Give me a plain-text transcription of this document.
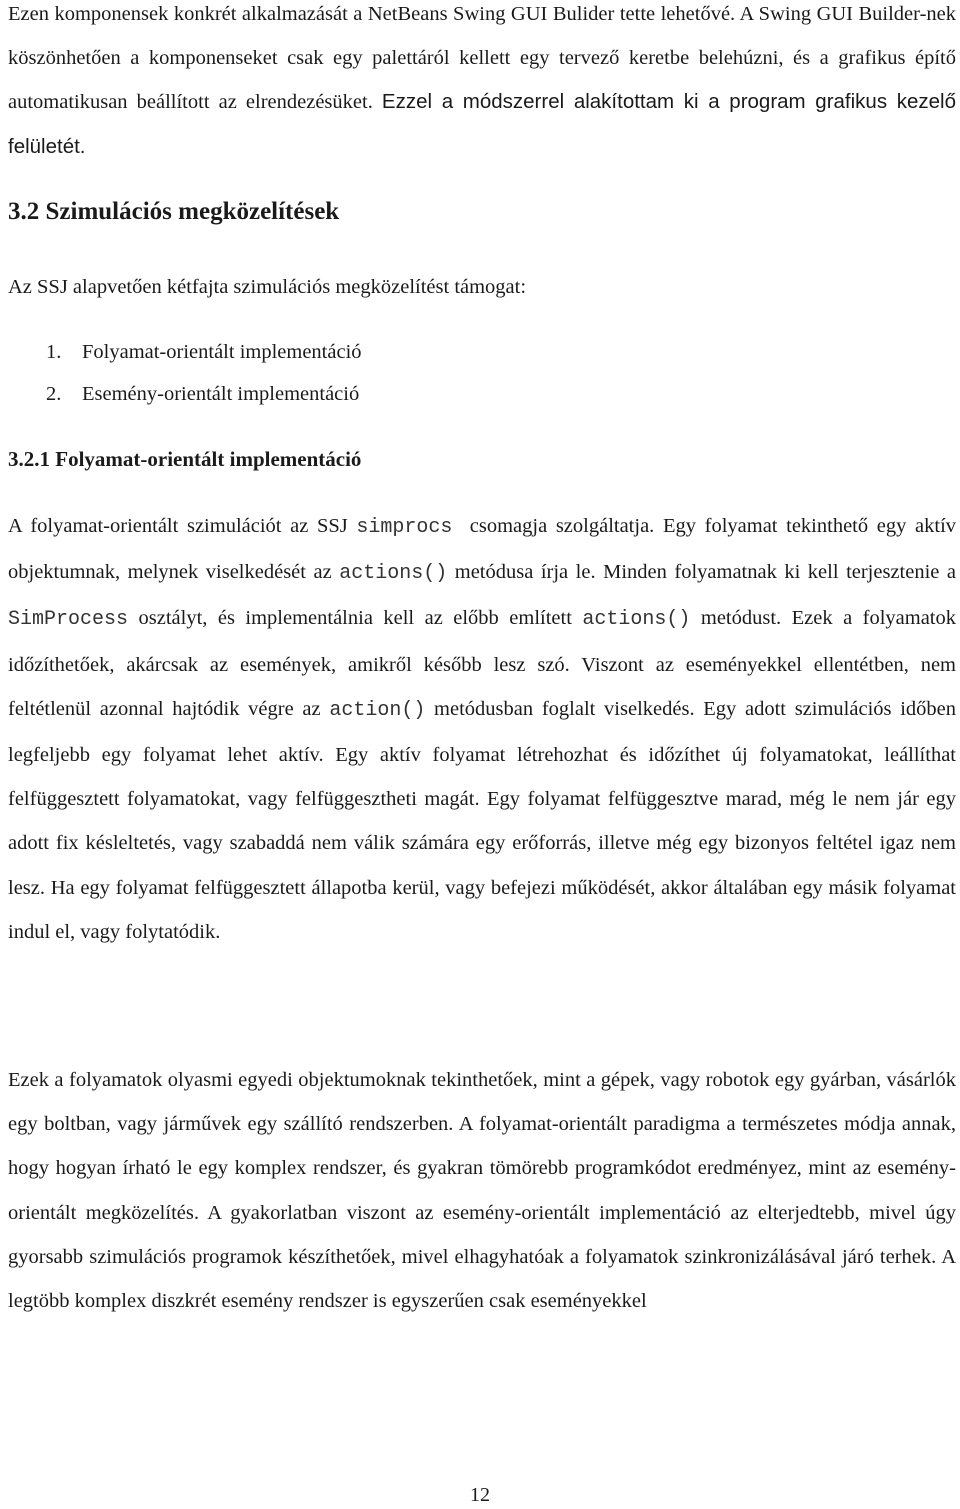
Ezen komponensek konkrét alkalmazását a NetBeans Swing GUI Bulider tette lehetővé. A Swing GUI Builder-nek köszönhetően a komponenseket csak egy palettáról kellett egy tervező keretbe belehúzni, és a grafikus építő automatikusan beállított az elrendezésüket. Ezzel a módszerrel alakítottam ki a program grafikus kezelő felületét.

3.2 Szimulációs megközelítések

Az SSJ alapvetően kétfajta szimulációs megközelítést támogat:

1. Folyamat-orientált implementáció
2. Esemény-orientált implementáció
3.2.1 Folyamat-orientált implementáció

A folyamat-orientált szimulációt az SSJ simprocs csomagja szolgáltatja. Egy folyamat tekinthető egy aktív objektumnak, melynek viselkedését az actions() metódusa írja le. Minden folyamatnak ki kell terjesztenie a SimProcess osztályt, és implementálnia kell az előbb említett actions() metódust. Ezek a folyamatok időzíthetőek, akárcsak az események, amikről később lesz szó. Viszont az eseményekkel ellentétben, nem feltétlenül azonnal hajtódik végre az action() metódusban foglalt viselkedés. Egy adott szimulációs időben legfeljebb egy folyamat lehet aktív. Egy aktív folyamat létrehozhat és időzíthet új folyamatokat, leállíthat felfüggesztett folyamatokat, vagy felfüggesztheti magát. Egy folyamat felfüggesztve marad, még le nem jár egy adott fix késleltetés, vagy szabaddá nem válik számára egy erőforrás, illetve még egy bizonyos feltétel igaz nem lesz. Ha egy folyamat felfüggesztett állapotba kerül, vagy befejezi működését, akkor általában egy másik folyamat indul el, vagy folytatódik.

Ezek a folyamatok olyasmi egyedi objektumoknak tekinthetőek, mint a gépek, vagy robotok egy gyárban, vásárlók egy boltban, vagy járművek egy szállító rendszerben. A folyamat-orientált paradigma a természetes módja annak, hogy hogyan írható le egy komplex rendszer, és gyakran tömörebb programkódot eredményez, mint az esemény-orientált megközelítés. A gyakorlatban viszont az esemény-orientált implementáció az elterjedtebb, mivel úgy gyorsabb szimulációs programok készíthetőek, mivel elhagyhatóak a folyamatok szinkronizálásával járó terhek. A legtöbb komplex diszkrét esemény rendszer is egyszerűen csak eseményekkel

12
